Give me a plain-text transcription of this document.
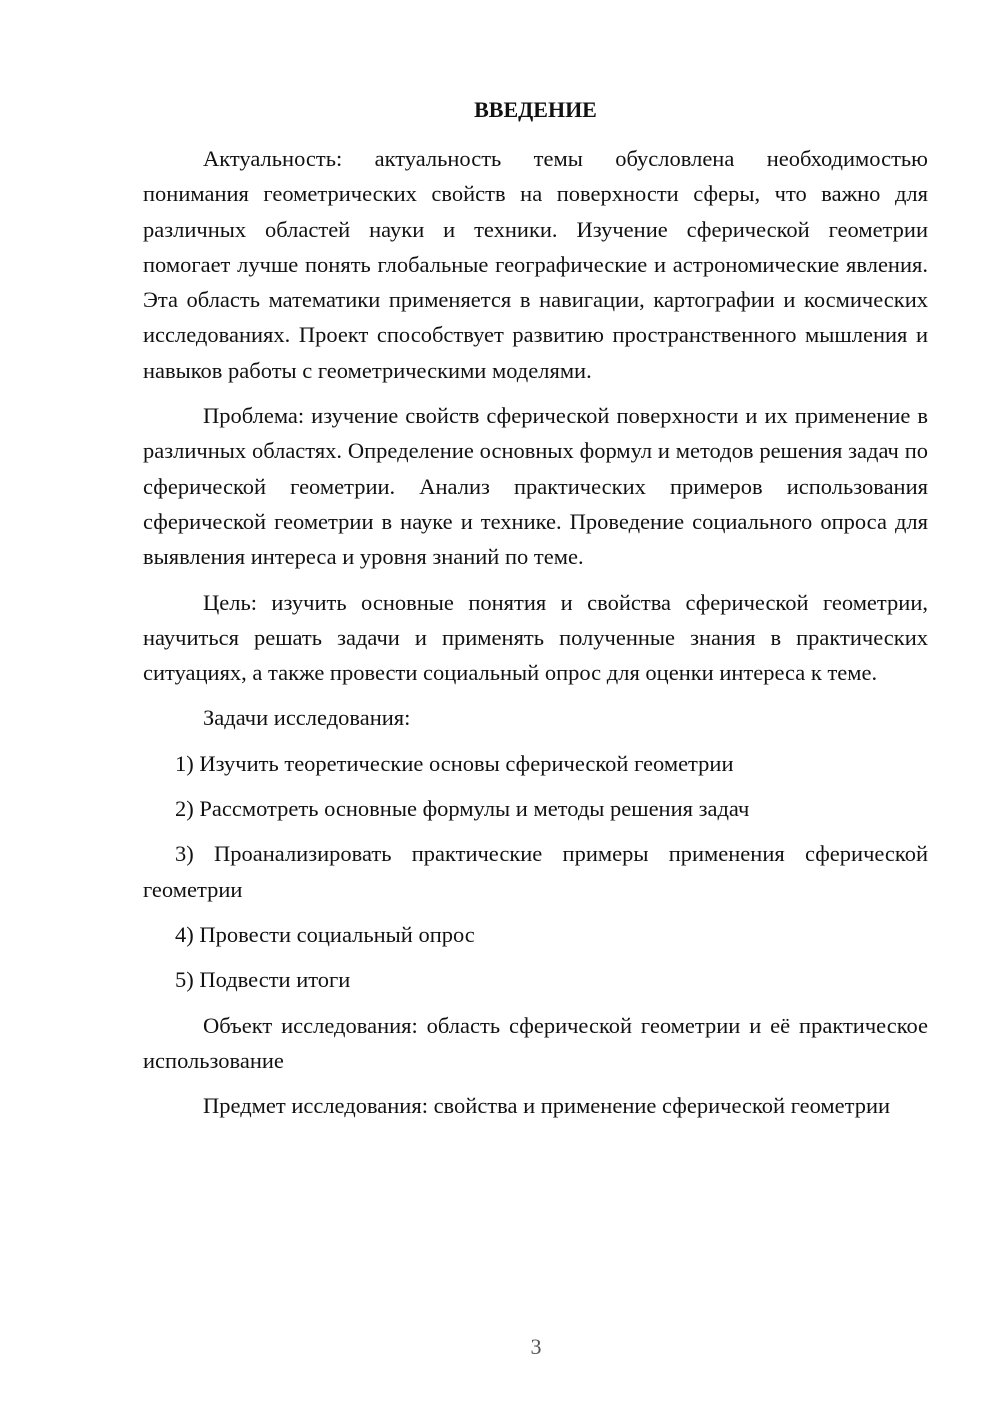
ВВЕДЕНИЕ

Актуальность: актуальность темы обусловлена необходимостью понимания геометрических свойств на поверхности сферы, что важно для различных областей науки и техники. Изучение сферической геометрии помогает лучше понять глобальные географические и астрономические явления. Эта область математики применяется в навигации, картографии и космических исследованиях. Проект способствует развитию пространственного мышления и навыков работы с геометрическими моделями.

Проблема: изучение свойств сферической поверхности и их применение в различных областях. Определение основных формул и методов решения задач по сферической геометрии. Анализ практических примеров использования сферической геометрии в науке и технике. Проведение социального опроса для выявления интереса и уровня знаний по теме.

Цель: изучить основные понятия и свойства сферической геометрии, научиться решать задачи и применять полученные знания в практических ситуациях, а также провести социальный опрос для оценки интереса к теме.

Задачи исследования:

1) Изучить теоретические основы сферической геометрии
2) Рассмотреть основные формулы и методы решения задач
3) Проанализировать практические примеры применения сферической геометрии
4) Провести социальный опрос
5) Подвести итоги

Объект исследования: область сферической геометрии и её практическое использование

Предмет исследования: свойства и применение сферической геометрии

3
